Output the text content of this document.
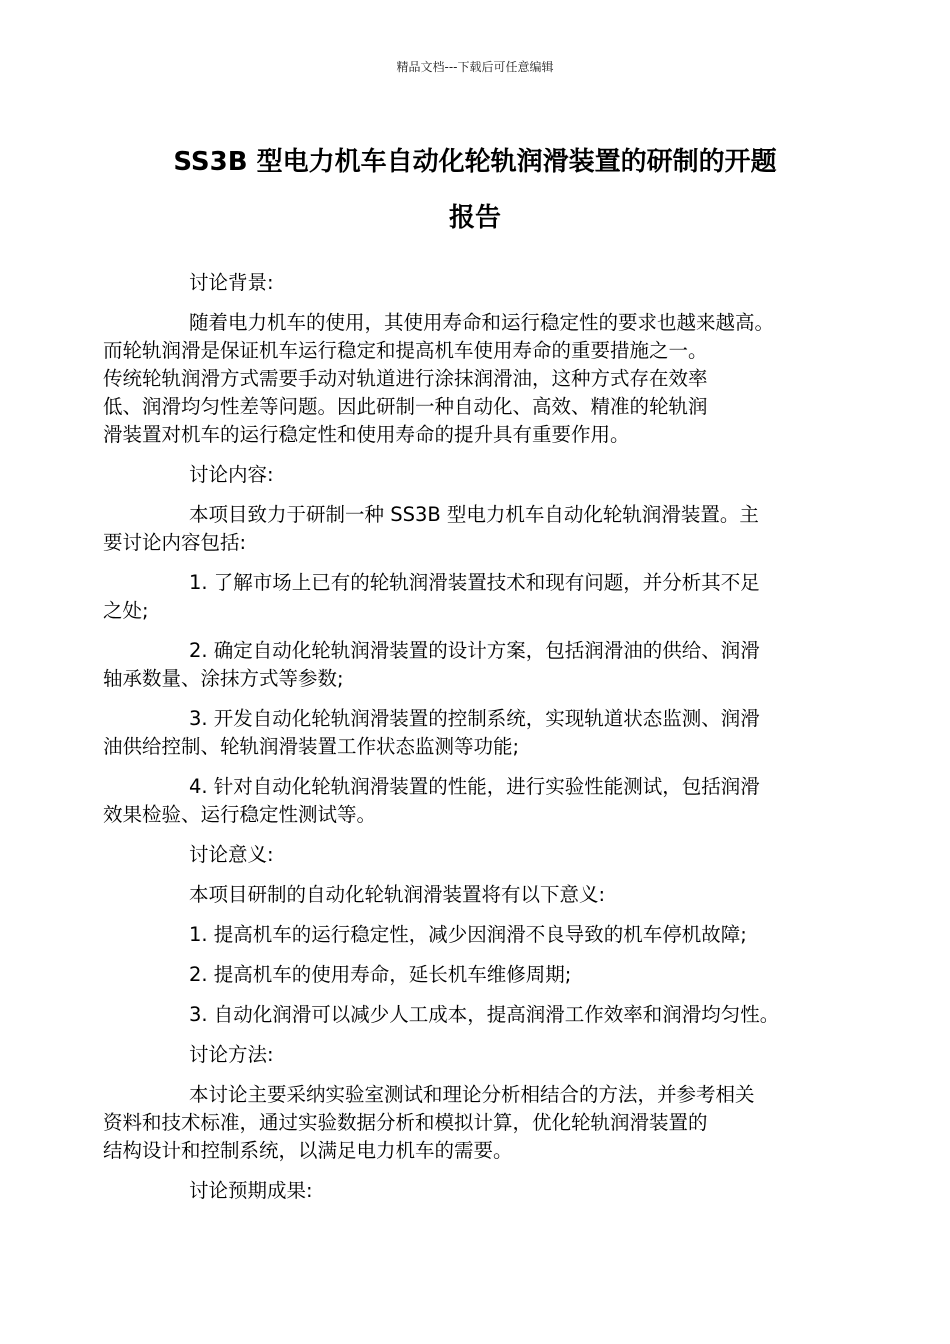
精品文档---下载后可任意编辑
SS3B 型电力机车自动化轮轨润滑装置的研制的开题
报告

讨论背景:

随着电力机车的使用，其使用寿命和运行稳定性的要求也越来越高。
而轮轨润滑是保证机车运行稳定和提高机车使用寿命的重要措施之一。
传统轮轨润滑方式需要手动对轨道进行涂抹润滑油，这种方式存在效率
低、润滑均匀性差等问题。因此研制一种自动化、高效、精准的轮轨润
滑装置对机车的运行稳定性和使用寿命的提升具有重要作用。

讨论内容:

本项目致力于研制一种 SS3B 型电力机车自动化轮轨润滑装置。主
要讨论内容包括:

1. 了解市场上已有的轮轨润滑装置技术和现有问题，并分析其不足
之处;

2. 确定自动化轮轨润滑装置的设计方案，包括润滑油的供给、润滑
轴承数量、涂抹方式等参数;

3. 开发自动化轮轨润滑装置的控制系统，实现轨道状态监测、润滑
油供给控制、轮轨润滑装置工作状态监测等功能;

4. 针对自动化轮轨润滑装置的性能，进行实验性能测试，包括润滑
效果检验、运行稳定性测试等。

讨论意义:

本项目研制的自动化轮轨润滑装置将有以下意义:

1. 提高机车的运行稳定性，减少因润滑不良导致的机车停机故障;

2. 提高机车的使用寿命，延长机车维修周期;

3. 自动化润滑可以减少人工成本，提高润滑工作效率和润滑均匀性。

讨论方法:

本讨论主要采纳实验室测试和理论分析相结合的方法，并参考相关
资料和技术标准，通过实验数据分析和模拟计算，优化轮轨润滑装置的
结构设计和控制系统，以满足电力机车的需要。

讨论预期成果:
